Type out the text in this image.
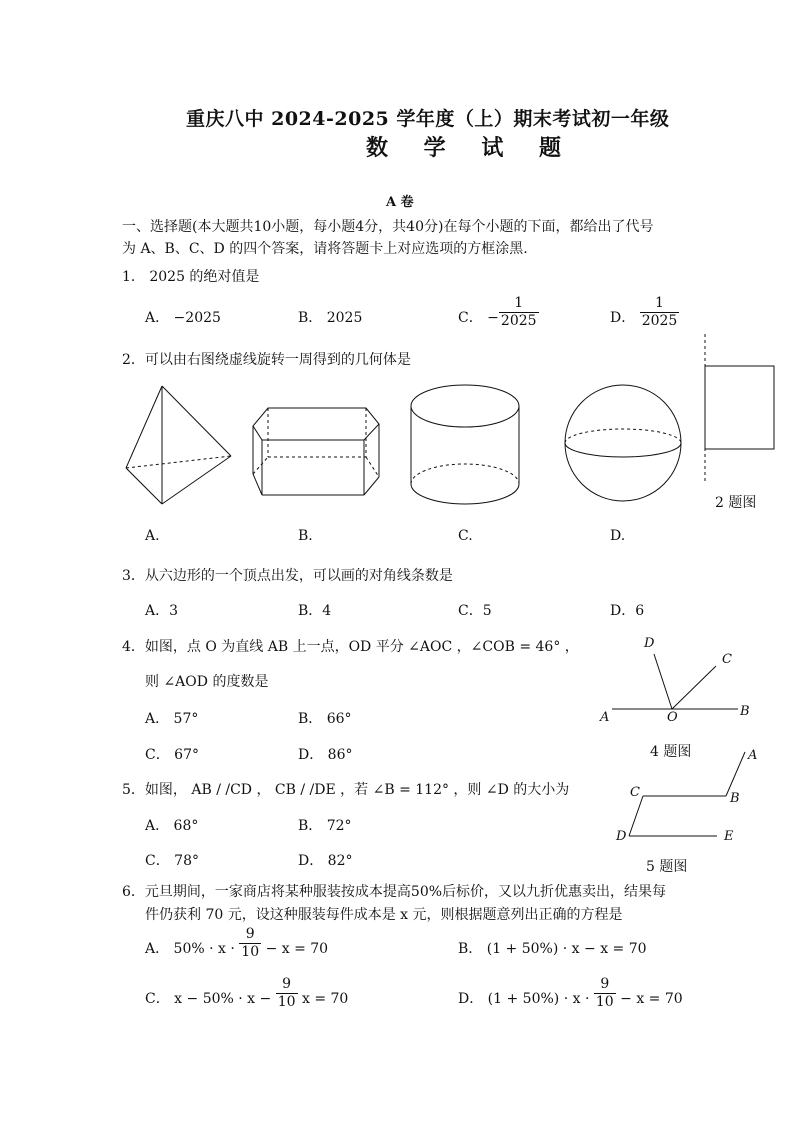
重庆八中 2024-2025 学年度（上）期末考试初一年级
数 学 试 题
A 卷
一、选择题(本大题共10小题，每小题4分，共40分)在每个小题的下面，都给出了代号
为 A、B、C、D 的四个答案，请将答题卡上对应选项的方框涂黑.
1． 2025 的绝对值是
A． −2025	B． 2025	C． − $\frac{1}{2025}$	D． $\frac{1}{2025}$
2．可以由右图绕虚线旋转一周得到的几何体是
2 题图
A.	B.	C.	D.
3．从六边形的一个顶点出发，可以画的对角线条数是
A．3	B．4	C．5	D．6
4．如图，点 O 为直线 AB 上一点，OD 平分 ∠AOC ，∠COB = 46° ，
则 ∠AOD 的度数是
A． 57°	B． 66°
C． 67°	D． 86°
D
C
A	O	B
4 题图
5．如图， AB / /CD ， CB / /DE ，若 ∠B = 112° ，则 ∠D 的大小为
A． 68°	B． 72°
C． 78°	D． 82°
A
C	B
D	E
5 题图
6．元旦期间，一家商店将某种服装按成本提高50%后标价，又以九折优惠卖出，结果每
件仍获利 70 元，设这种服装每件成本是 x 元，则根据题意列出正确的方程是
A． $50\% \cdot x \cdot \frac{9}{10} - x = 70$	B． (1 + 50%) · x − x = 70
C． $x - 50\% \cdot x - \frac{9}{10}$ x = 70	D． $(1 + 50\%) \cdot x \cdot \frac{9}{10} - x = 70$
